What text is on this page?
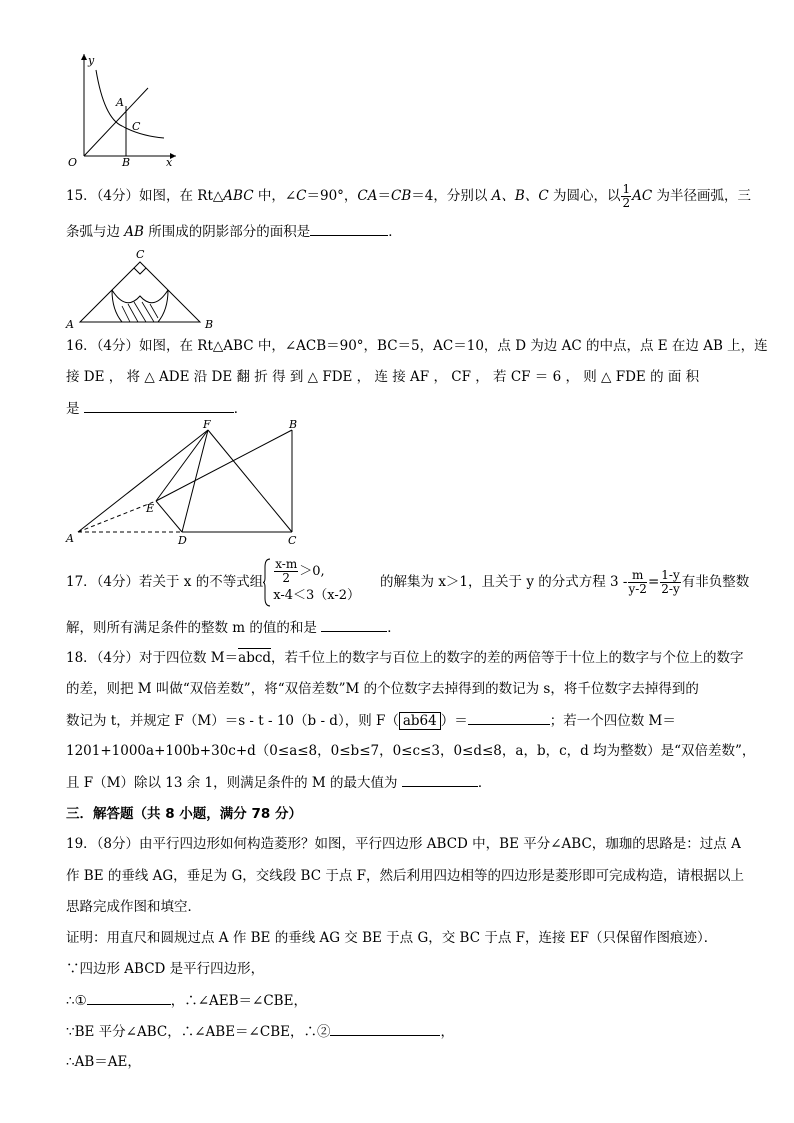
y
x
O
A
B
C
15．（4分）如图，在 Rt△ABC 中，∠C＝90°，CA＝CB＝4，分别以 A、B、C 为圆心，以 $\frac{1}{2}$ AC 为半径画弧，三
条弧与边 AB 所围成的阴影部分的面积是	．
C
A	B
16．（4分）如图，在 Rt△ABC 中，∠ACB＝90°，BC＝5，AC＝10，点 D 为边 AC 的中点，点 E 在边 AB 上，连
接 DE ， 将 △ ADE 沿 DE 翻 折 得 到 △ FDE ， 连 接 AF ， CF ， 若 CF ＝ 6 ， 则 △ FDE 的 面 积
是	．
F	B
E
A	D	C
17．（4分）若关于 x 的不等式组 $\frac{x-m}{2} >0$,
x-4＜3（x-2）
的解集为 x＞1，且关于 y 的分式方程 $3 - \frac{m}{y-2} = \frac{1-y}{2-y}$ 有非负整数
解，则所有满足条件的整数 m 的值的和是	．
18．（4分）对于四位数 M＝abcd，若千位上的数字与百位上的数字的差的两倍等于十位上的数字与个位上的数字
的差，则把 M 叫做“双倍差数”，将“双倍差数”M 的个位数字去掉得到的数记为 s，将千位数字去掉得到的
数记为 t，并规定 F（M）＝s - t - 10（b - d），则 F（ ab64 ）＝	；若一个四位数 M＝
1201+1000a+100b+30c+d（0≤a≤8，0≤b≤7，0≤c≤3，0≤d≤8，a，b，c，d 均为整数）是“双倍差数”，
且 F（M）除以 13 余 1，则满足条件的 M 的最大值为	．
三．解答题（共 8 小题，满分 78 分）
19．（8分）由平行四边形如何构造菱形？如图，平行四边形 ABCD 中，BE 平分∠ABC，珈珈的思路是：过点 A
作 BE 的垂线 AG，垂足为 G，交线段 BC 于点 F，然后利用四边相等的四边形是菱形即可完成构造，请根据以上
思路完成作图和填空．
证明：用直尺和圆规过点 A 作 BE 的垂线 AG 交 BE 于点 G，交 BC 于点 F，连接 EF（只保留作图痕迹）．
∵四边形 ABCD 是平行四边形，
∴①	，∴∠AEB＝∠CBE，
∵BE 平分∠ABC，∴∠ABE＝∠CBE，∴②	，
∴AB＝AE，
